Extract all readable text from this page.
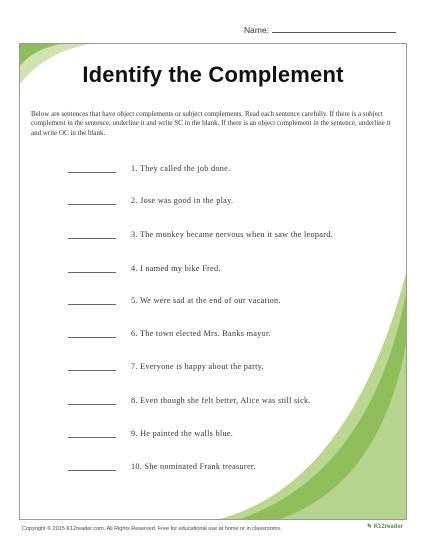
Name:
Identify the Complement
Below are sentences that have object complements or subject complements. Read each sentence carefully. If there is a subject complement in the sentence, underline it and write SC in the blank. If there is an object complement in the sentence, underline it and write OC in the blank.
1. They called the job done.
2. Jose was good in the play.
3. The monkey became nervous when it saw the leopard.
4. I named my bike Fred.
5. We were sad at the end of our vacation.
6. The town elected Mrs. Banks mayor.
7. Everyone is happy about the party.
8. Even though she felt better, Alice was still sick.
9. He painted the walls blue.
10. She nominated Frank treasurer.
Copyright © 2015 K12reader.com. All Rights Reserved. Free for educational use at home or in classrooms.	✎ K12reader
